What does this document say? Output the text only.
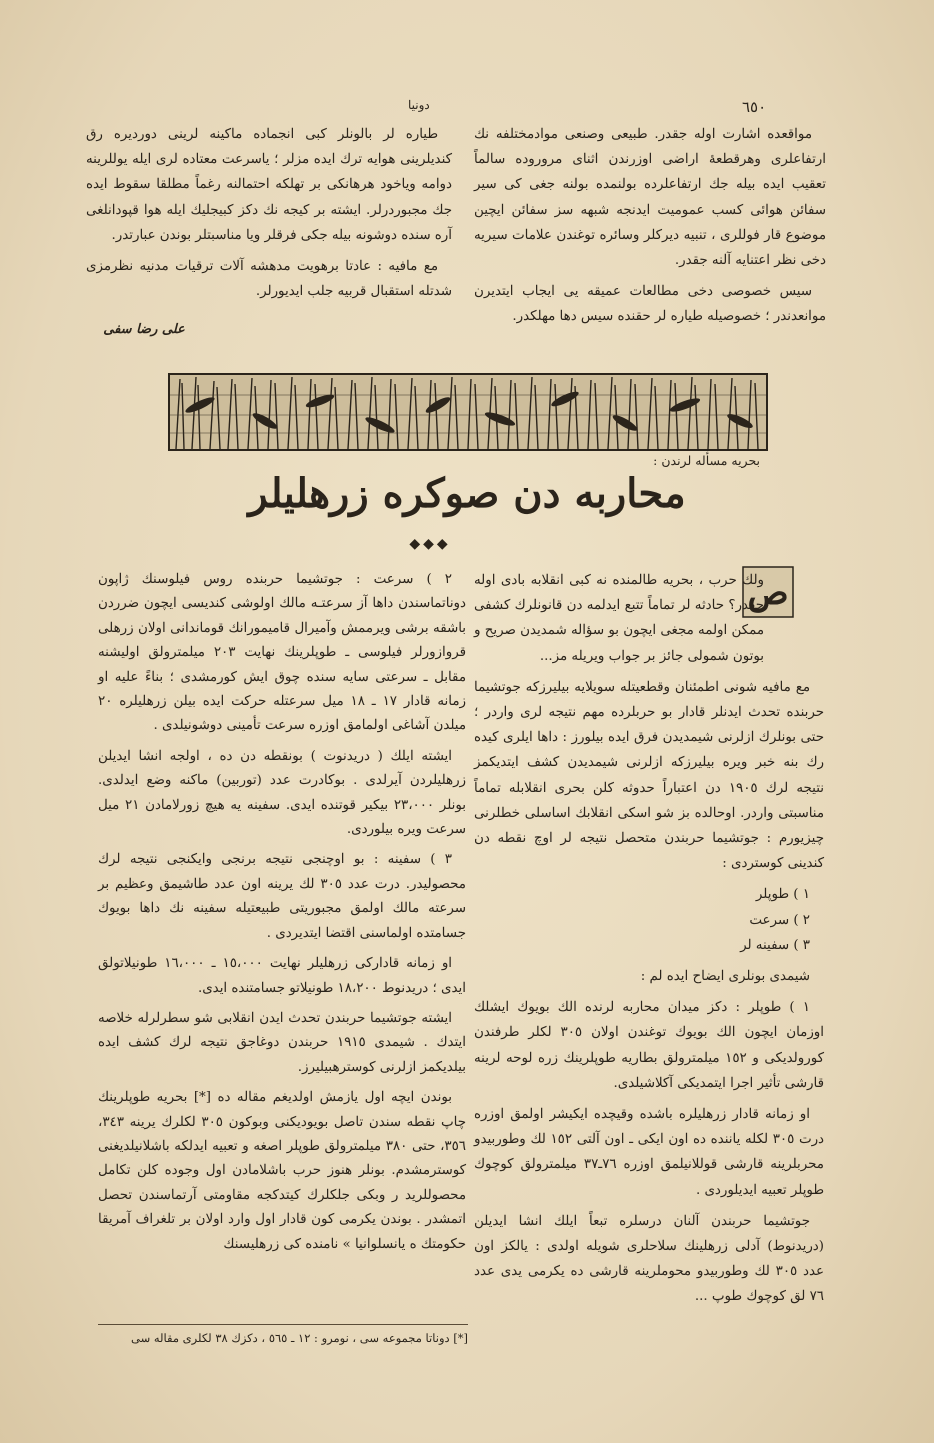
٦٥٠
دونیا

مواقعده اشارت اوله جقدر. طبیعی وصنعی موادمختلفه نك ارتفاعلری وهرقطعهٔ اراضی اوزرندن اثنای مروروده سالماً تعقیب ایده بیله جك ارتفاعلرده بولنمده بولنه جغی کی سیر سفائن هوائی کسب عمومیت ایدنجه شبهه سز سفائن ایچین موضوع قار فوللری ، تنبیه دیرکلر وسائره توغندن علامات سیریه دخی نظر اعتنایه آلنه جقدر.

سیس خصوصی دخی مطالعات عمیقه یی ایجاب ایتدیرن موانعدندر ؛ خصوصیله طیاره لر حقنده سیس دها مهلکدر.

طیاره لر بالونلر کبی انجماده ماکینه لرینی دوردیره رق کندیلرینی هوایه ترك ایده مزلر ؛ یاسرعت معتاده لری ایله یوللرینه دوامه ویاخود هرهانکی بر تهلکه احتمالنه رغماً مطلقا سقوط ایده جك مجبوردرلر. ایشته بر کیجه نك دکز کبیجلیك ایله هوا قپودانلغی آره سنده دوشونه بیله جکی فرقلر ویا مناسبتلر بوندن عبارتدر.

مع مافیه : عادتا برهویت مدهشه آلات ترقیات مدنیه نظرمزی شدتله استقبال قربیه جلب ایدیورلر.

علی رضا سفی
بحریه مسأله لرندن :
محاربه دن صوکره زرهلیلر
◆◆◆
ص

ولك حرب ، بحریه طالمنده نه کبی انقلابه بادی اوله جقدر؟ حادثه لر تماماً تتبع ایدلمه دن قانونلرك کشفی ممکن اولمه مجغی ایچون بو سؤاله شمدیدن صریح و بوتون شمولی جائز بر جواب ویریله مز...

مع مافیه شونی اطمئنان وقطعیتله سویلایه بیلیرزکه جوتشیما حربنده تحدث ایدنلر قادار بو حربلرده مهم نتیجه لری واردر ؛ حتی بونلرك ازلرنی شیمدیدن فرق ایده بیلورز : داها ایلری کیده رك بنه خبر ویره بیلیرزکه ازلرنی شیمدیدن کشف ایتدیکمز نتیجه لرك ١٩٠٥ دن اعتباراً حدوثه کلن بحری انقلابله تماماً مناسبتی واردر. اوحالده بز شو اسکی انقلابك اساسلی خطلرنی چیزیورم : جوتشیما حربندن متحصل نتیجه لر اوچ نقطه دن کندینی کوستردی :

١ ) طوپلر
٢ ) سرعت
٣ ) سفینه لر

شیمدی بونلری ایضاح ایده لم :

١ ) طوپلر : دکز میدان محاربه لرنده الك بویوك ایشلك اوزمان ایچون الك بویوك توغندن اولان ٣٠٥ لکلر طرفندن کورولدیکی و ١٥٢ میلمترولق بطاریه طوپلرینك زره لوحه لرینه قارشی تأثیر اجرا ایتمدیکی آکلاشیلدی.

او زمانه قادار زرهلیلره باشده وقیچده ایکیشر اولمق اوزره درت ٣٠٥ لکله یاننده ده اون ایکی ـ اون آلتی ١٥٢ لك وطوربیدو محربلرینه قارشی قوللانیلمق اوزره ٧٦ـ٣٧ میلمترولق کوچوك طوپلر تعبیه ایدیلوردی .

جوتشیما حربندن آلنان درسلره تبعاً ایلك انشا ایدیلن (دریدنوط) آدلی زرهلینك سلاحلری شویله اولدی : یالکز اون عدد ٣٠٥ لك وطوربیدو محوملرینه قارشی ده یکرمی یدی عدد ٧٦ لق کوچوك طوپ ...

٢ ) سرعت : جوتشیما حربنده روس فیلوسنك ژاپون دوناتماسندن داها آز سرعتـه مالك اولوشی کندیسی ایچون ضرردن باشقه برشی ویرممش وآمیرال قامیمورانك قوماندانی اولان زرهلی قروازورلر فیلوسی ـ طوپلرینك نهایت ٢٠٣ میلمترولق اولیشنه مقابل ـ سرعتی سایه سنده چوق ایش کورمشدی ؛ بناءً علیه او زمانه قادار ١٧ ـ ١٨ میل سرعتله حرکت ایده بیلن زرهلیلره ٢٠ میلدن آشاغی اولمامق اوزره سرعت تأمینی دوشونیلدی .

ایشته ایلك ( دریدنوت ) بونقطه دن ده ، اولجه انشا ایدیلن زرهلیلردن آیرلدی . بوکادرت عدد (توربین) ماکنه وضع ایدلدی. بونلر ٢٣،٠٠٠ بیکیر قوتنده ایدی. سفینه یه هیچ زورلامادن ٢١ میل سرعت ویره بیلوردی.

٣ ) سفینه : بو اوچنجی نتیجه برنجی وایکنجی نتیجه لرك محصولیدر. درت عدد ٣٠٥ لك یرینه اون عدد طاشیمق وعظیم بر سرعته مالك اولمق مجبوریتی طبیعتیله سفینه نك داها بویوك جسامتده اولماسنی اقتضا ایتدیردی .

او زمانه قادارکی زرهلیلر نهایت ١٥،٠٠٠ ـ ١٦،٠٠٠ طونیلاتولق ایدی ؛ دریدنوط ١٨،٢٠٠ طونیلاتو جسامتنده ایدی.

ایشته جوتشیما حربندن تحدث ایدن انقلابی شو سطرلرله خلاصه ایتدك . شیمدی ١٩١٥ حربندن دوغاجق نتیجه لرك کشف ایده بیلدیکمز ازلرنی کوسترهبیلیرز.

بوندن ایچه اول یازمش اولدیغم مقاله ده [*] بحریه طوپلرینك چاپ نقطه سندن تاصل بویودیکنی وبوکون ٣٠٥ لکلرك یرینه ٣٤٣، ٣٥٦، حتی ٣٨٠ میلمترولق طوپلر اصغه و تعبیه ایدلکه باشلانیلدیغنی کوسترمشدم. بونلر هنوز حرب باشلامادن اول وجوده کلن تکامل محصوللرید ر وبکی جلکلرك کیتدکجه مقاومتی آرتماسندن تحصل اتمشدر . بوندن یکرمی کون قادار اول وارد اولان بر تلغراف آمریقا حکومتك ه یانسلوانیا » نامنده کی زرهلیسنك

[*] دوناتا مجموعه سی ، نومرو : ١٢ ـ ٥٦٥ ، دکزك ٣٨ لکلری مقاله سی
